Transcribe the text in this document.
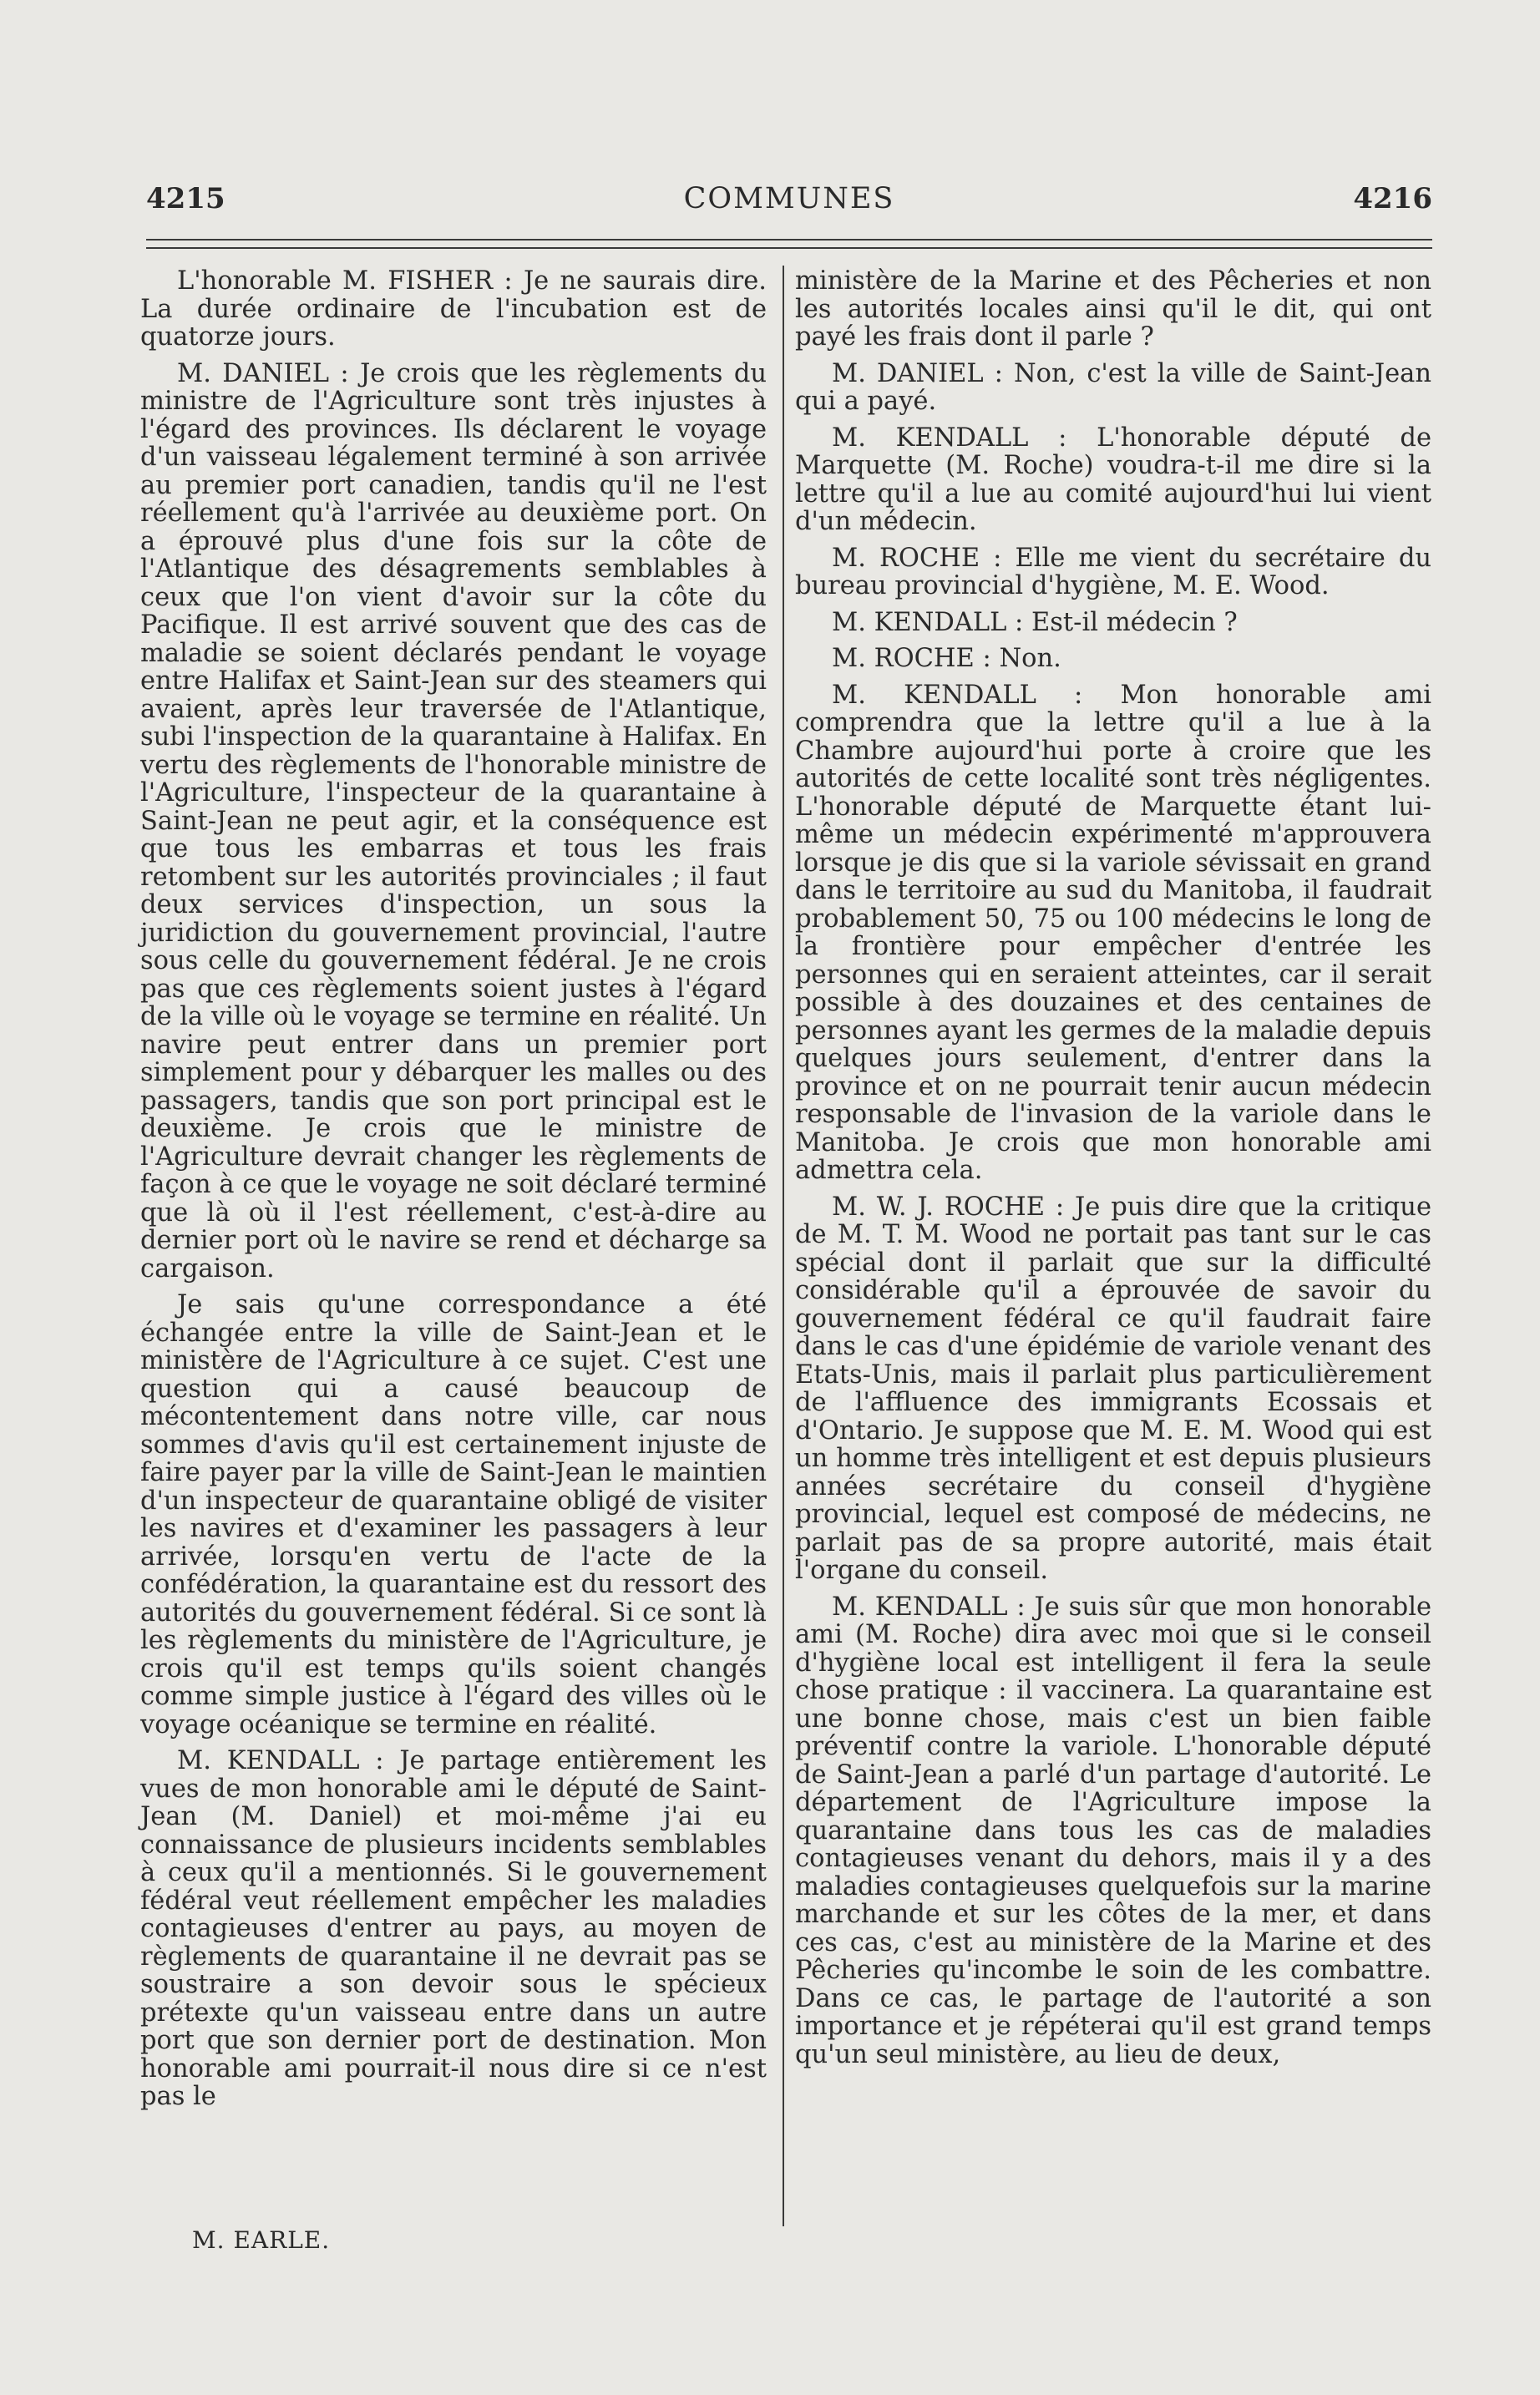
4215	COMMUNES	4216

L'honorable M. FISHER : Je ne saurais dire. La durée ordinaire de l'incubation est de quatorze jours.

M. DANIEL : Je crois que les règlements du ministre de l'Agriculture sont très injustes à l'égard des provinces. Ils déclarent le voyage d'un vaisseau légalement terminé à son arrivée au premier port canadien, tandis qu'il ne l'est réellement qu'à l'arrivée au deuxième port. On a éprouvé plus d'une fois sur la côte de l'Atlantique des désagrements semblables à ceux que l'on vient d'avoir sur la côte du Pacifique. Il est arrivé souvent que des cas de maladie se soient déclarés pendant le voyage entre Halifax et Saint-Jean sur des steamers qui avaient, après leur traversée de l'Atlantique, subi l'inspection de la quarantaine à Halifax. En vertu des règlements de l'honorable ministre de l'Agriculture, l'inspecteur de la quarantaine à Saint-Jean ne peut agir, et la conséquence est que tous les embarras et tous les frais retombent sur les autorités provinciales ; il faut deux services d'inspection, un sous la juridiction du gouvernement provincial, l'autre sous celle du gouvernement fédéral. Je ne crois pas que ces règlements soient justes à l'égard de la ville où le voyage se termine en réalité. Un navire peut entrer dans un premier port simplement pour y débarquer les malles ou des passagers, tandis que son port principal est le deuxième. Je crois que le ministre de l'Agriculture devrait changer les règlements de façon à ce que le voyage ne soit déclaré terminé que là où il l'est réellement, c'est-à-dire au dernier port où le navire se rend et décharge sa cargaison.

Je sais qu'une correspondance a été échangée entre la ville de Saint-Jean et le ministère de l'Agriculture à ce sujet. C'est une question qui a causé beaucoup de mécontentement dans notre ville, car nous sommes d'avis qu'il est certainement injuste de faire payer par la ville de Saint-Jean le maintien d'un inspecteur de quarantaine obligé de visiter les navires et d'examiner les passagers à leur arrivée, lorsqu'en vertu de l'acte de la confédération, la quarantaine est du ressort des autorités du gouvernement fédéral. Si ce sont là les règlements du ministère de l'Agriculture, je crois qu'il est temps qu'ils soient changés comme simple justice à l'égard des villes où le voyage océanique se termine en réalité.

M. KENDALL : Je partage entièrement les vues de mon honorable ami le député de Saint-Jean (M. Daniel) et moi-même j'ai eu connaissance de plusieurs incidents semblables à ceux qu'il a mentionnés. Si le gouvernement fédéral veut réellement empêcher les maladies contagieuses d'entrer au pays, au moyen de règlements de quarantaine il ne devrait pas se soustraire a son devoir sous le spécieux prétexte qu'un vaisseau entre dans un autre port que son dernier port de destination. Mon honorable ami pourrait-il nous dire si ce n'est pas le

ministère de la Marine et des Pêcheries et non les autorités locales ainsi qu'il le dit, qui ont payé les frais dont il parle ?

M. DANIEL : Non, c'est la ville de Saint-Jean qui a payé.

M. KENDALL : L'honorable député de Marquette (M. Roche) voudra-t-il me dire si la lettre qu'il a lue au comité aujourd'hui lui vient d'un médecin.

M. ROCHE : Elle me vient du secrétaire du bureau provincial d'hygiène, M. E. Wood.

M. KENDALL : Est-il médecin ?

M. ROCHE : Non.

M. KENDALL : Mon honorable ami comprendra que la lettre qu'il a lue à la Chambre aujourd'hui porte à croire que les autorités de cette localité sont très négligentes. L'honorable député de Marquette étant lui-même un médecin expérimenté m'approuvera lorsque je dis que si la variole sévissait en grand dans le territoire au sud du Manitoba, il faudrait probablement 50, 75 ou 100 médecins le long de la frontière pour empêcher d'entrée les personnes qui en seraient atteintes, car il serait possible à des douzaines et des centaines de personnes ayant les germes de la maladie depuis quelques jours seulement, d'entrer dans la province et on ne pourrait tenir aucun médecin responsable de l'invasion de la variole dans le Manitoba. Je crois que mon honorable ami admettra cela.

M. W. J. ROCHE : Je puis dire que la critique de M. T. M. Wood ne portait pas tant sur le cas spécial dont il parlait que sur la difficulté considérable qu'il a éprouvée de savoir du gouvernement fédéral ce qu'il faudrait faire dans le cas d'une épidémie de variole venant des Etats-Unis, mais il parlait plus particulièrement de l'affluence des immigrants Ecossais et d'Ontario. Je suppose que M. E. M. Wood qui est un homme très intelligent et est depuis plusieurs années secrétaire du conseil d'hygiène provincial, lequel est composé de médecins, ne parlait pas de sa propre autorité, mais était l'organe du conseil.

M. KENDALL : Je suis sûr que mon honorable ami (M. Roche) dira avec moi que si le conseil d'hygiène local est intelligent il fera la seule chose pratique : il vaccinera. La quarantaine est une bonne chose, mais c'est un bien faible préventif contre la variole. L'honorable député de Saint-Jean a parlé d'un partage d'autorité. Le département de l'Agriculture impose la quarantaine dans tous les cas de maladies contagieuses venant du dehors, mais il y a des maladies contagieuses quelquefois sur la marine marchande et sur les côtes de la mer, et dans ces cas, c'est au ministère de la Marine et des Pêcheries qu'incombe le soin de les combattre. Dans ce cas, le partage de l'autorité a son importance et je répéterai qu'il est grand temps qu'un seul ministère, au lieu de deux,

M. EARLE.
